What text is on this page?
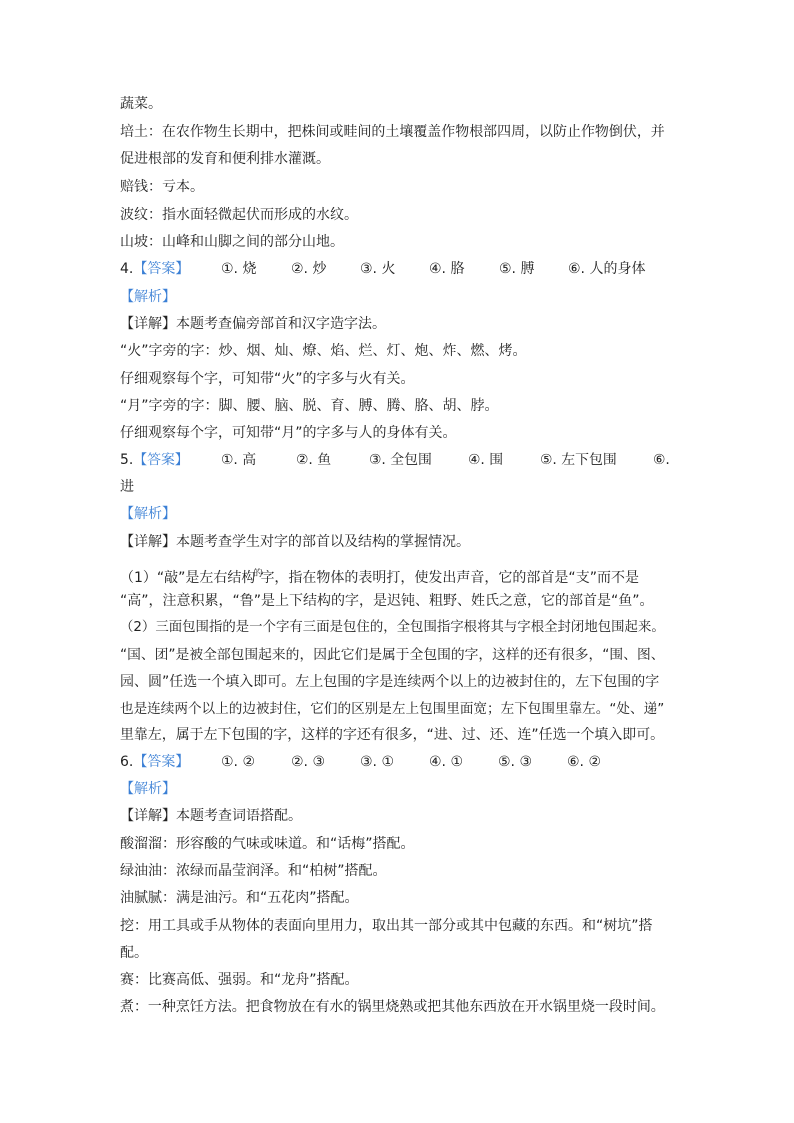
蔬菜。
培土：在农作物生长期中，把株间或畦间的土壤覆盖作物根部四周，以防止作物倒伏，并
促进根部的发育和便利排水灌溉。
赔钱：亏本。
波纹：指水面轻微起伏而形成的水纹。
山坡：山峰和山脚之间的部分山地。
4.【答案】 ①. 烧 ②. 炒 ③. 火 ④. 胳 ⑤. 膊 ⑥. 人的身体
【解析】
【详解】本题考查偏旁部首和汉字造字法。
“火”字旁的字：炒、烟、灿、燎、焰、烂、灯、炮、炸、燃、烤。
仔细观察每个字，可知带“火”的字多与火有关。
“月”字旁的字：脚、腰、脑、脱、育、膊、腾、胳、胡、脖。
仔细观察每个字，可知带“月”的字多与人的身体有关。
5.【答案】 ①. 高	②. 鱼	③. 全包围	④. 围	⑤. 左下包围	⑥.
进
【解析】
【详解】本题考查学生对字的部首以及结构的掌握情况。
（1）“敲”是左右结构$^的$字，指在物体的表明打，使发出声音，它的部首是“支”而不是
“高”，注意积累，“鲁”是上下结构的字，是迟钝、粗野、姓氏之意，它的部首是“鱼”。
（2）三面包围指的是一个字有三面是包住的，全包围指字根将其与字根全封闭地包围起来。
“国、团”是被全部包围起来的，因此它们是属于全包围的字，这样的还有很多，“围、图、
园、圆”任选一个填入即可。左上包围的字是连续两个以上的边被封住的，左下包围的字
也是连续两个以上的边被封住，它们的区别是左上包围里面宽；左下包围里靠左。“处、递”
里靠左，属于左下包围的字，这样的字还有很多，“进、过、还、连”任选一个填入即可。
6.【答案】 ①. ②	②. ③ ③. ① ④. ① ⑤. ③ ⑥. ②
【解析】
【详解】本题考查词语搭配。
酸溜溜：形容酸的气味或味道。和“话梅”搭配。
绿油油：浓绿而晶莹润泽。和“柏树”搭配。
油腻腻：满是油污。和“五花肉”搭配。
挖：用工具或手从物体的表面向里用力，取出其一部分或其中包藏的东西。和“树坑”搭
配。
赛：比赛高低、强弱。和“龙舟”搭配。
煮：一种烹饪方法。把食物放在有水的锅里烧熟或把其他东西放在开水锅里烧一段时间。
